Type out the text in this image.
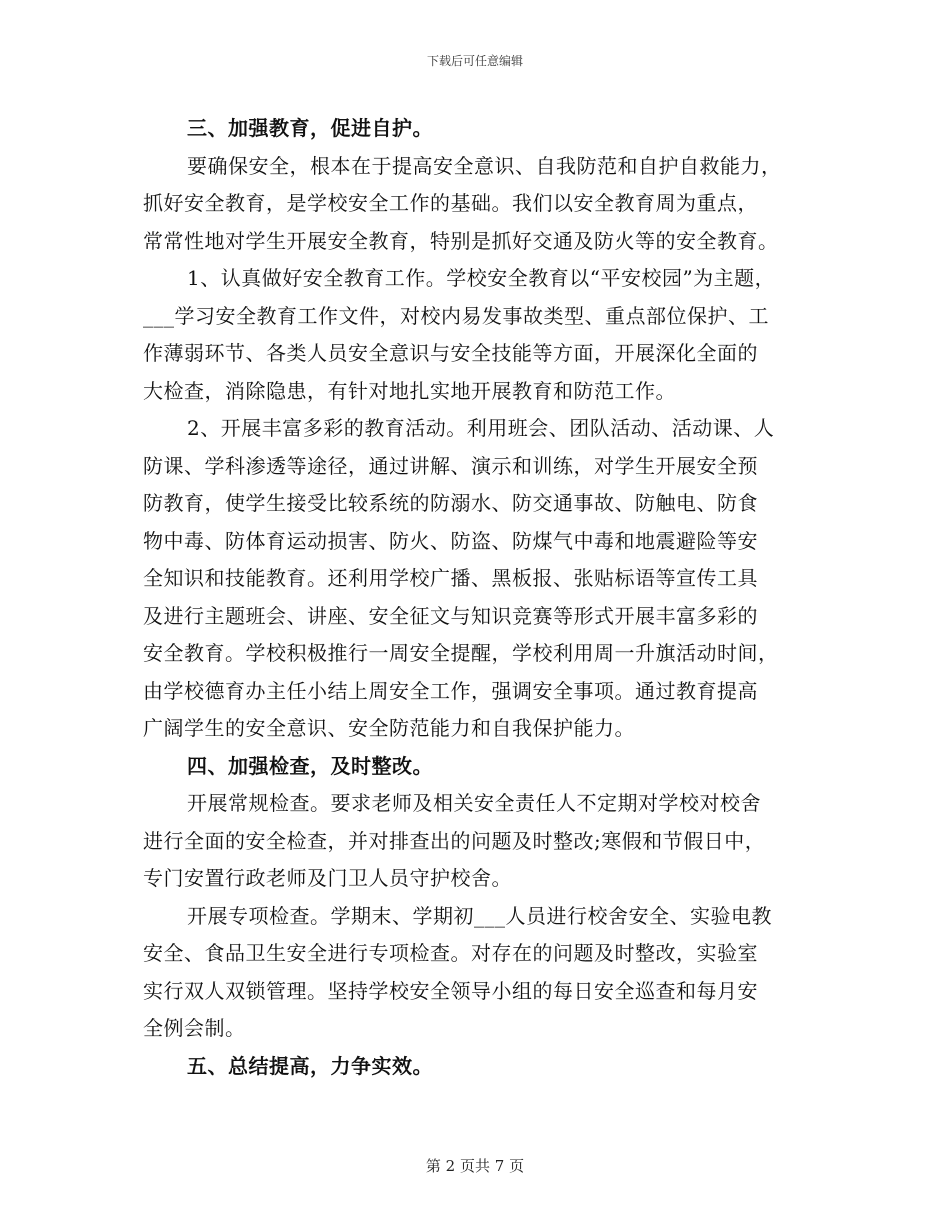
下载后可任意编辑
三、加强教育，促进自护。
要确保安全，根本在于提高安全意识、自我防范和自护自救能力，
抓好安全教育，是学校安全工作的基础。我们以安全教育周为重点，
常常性地对学生开展安全教育，特别是抓好交通及防火等的安全教育。
1、认真做好安全教育工作。学校安全教育以“平安校园”为主题，
___学习安全教育工作文件，对校内易发事故类型、重点部位保护、工
作薄弱环节、各类人员安全意识与安全技能等方面，开展深化全面的
大检查，消除隐患，有针对地扎实地开展教育和防范工作。
2、开展丰富多彩的教育活动。利用班会、团队活动、活动课、人
防课、学科渗透等途径，通过讲解、演示和训练，对学生开展安全预
防教育，使学生接受比较系统的防溺水、防交通事故、防触电、防食
物中毒、防体育运动损害、防火、防盗、防煤气中毒和地震避险等安
全知识和技能教育。还利用学校广播、黑板报、张贴标语等宣传工具
及进行主题班会、讲座、安全征文与知识竞赛等形式开展丰富多彩的
安全教育。学校积极推行一周安全提醒，学校利用周一升旗活动时间，
由学校德育办主任小结上周安全工作，强调安全事项。通过教育提高
广阔学生的安全意识、安全防范能力和自我保护能力。
四、加强检查，及时整改。
开展常规检查。要求老师及相关安全责任人不定期对学校对校舍
进行全面的安全检查，并对排查出的问题及时整改;寒假和节假日中，
专门安置行政老师及门卫人员守护校舍。
开展专项检查。学期末、学期初___人员进行校舍安全、实验电教
安全、食品卫生安全进行专项检查。对存在的问题及时整改，实验室
实行双人双锁管理。坚持学校安全领导小组的每日安全巡查和每月安
全例会制。
五、总结提高，力争实效。
第 2 页共 7 页
